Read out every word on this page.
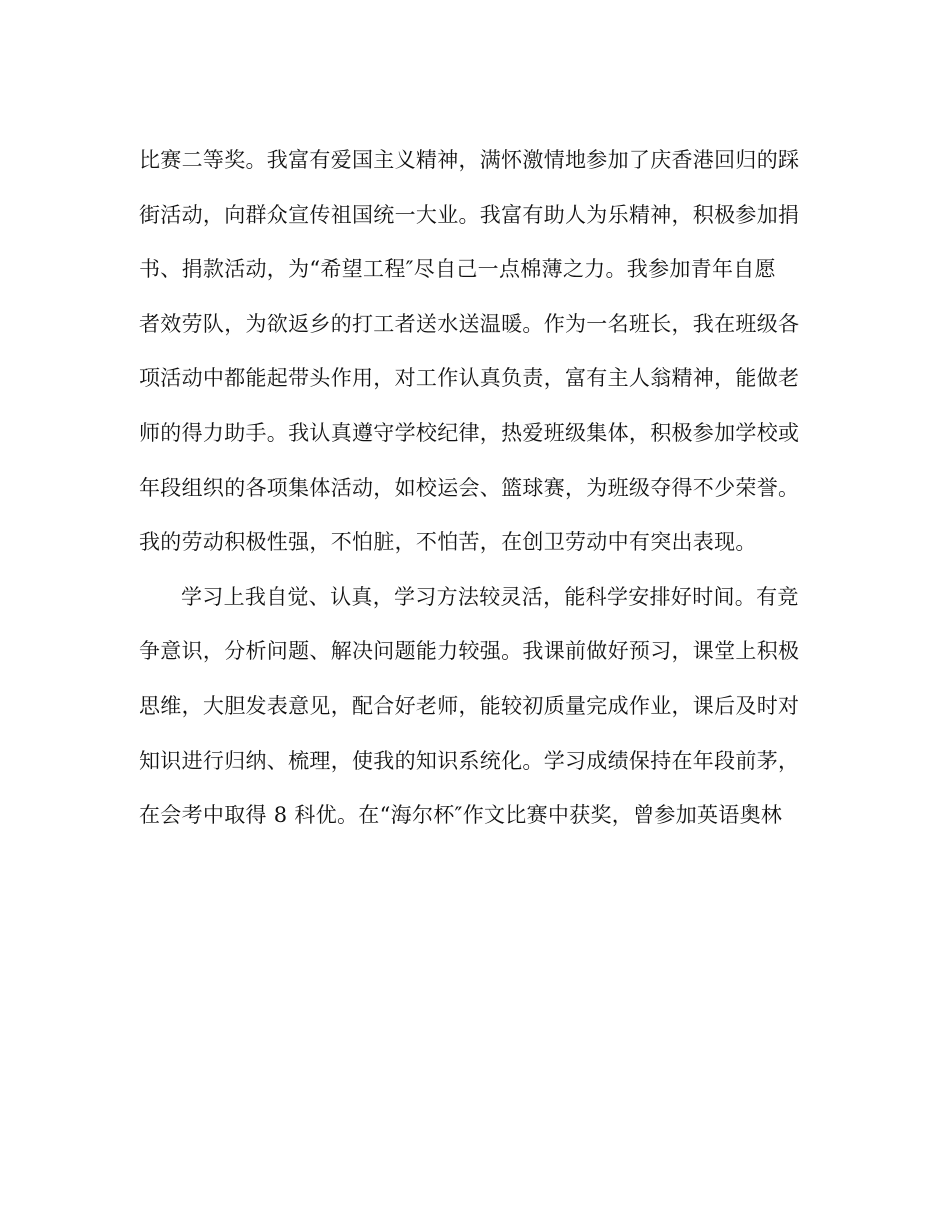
比赛二等奖。我富有爱国主义精神，满怀激情地参加了庆香港回归的踩
街活动，向群众宣传祖国统一大业。我富有助人为乐精神，积极参加捐
书、捐款活动，为“希望工程″尽自己一点棉薄之力。我参加青年自愿
者效劳队，为欲返乡的打工者送水送温暖。作为一名班长，我在班级各
项活动中都能起带头作用，对工作认真负责，富有主人翁精神，能做老
师的得力助手。我认真遵守学校纪律，热爱班级集体，积极参加学校或
年段组织的各项集体活动，如校运会、篮球赛，为班级夺得不少荣誉。
我的劳动积极性强，不怕脏，不怕苦，在创卫劳动中有突出表现。
学习上我自觉、认真，学习方法较灵活，能科学安排好时间。有竞
争意识，分析问题、解决问题能力较强。我课前做好预习，课堂上积极
思维，大胆发表意见，配合好老师，能较初质量完成作业，课后及时对
知识进行归纳、梳理，使我的知识系统化。学习成绩保持在年段前茅，
在会考中取得 8 科优。在“海尔杯″作文比赛中获奖，曾参加英语奥林
